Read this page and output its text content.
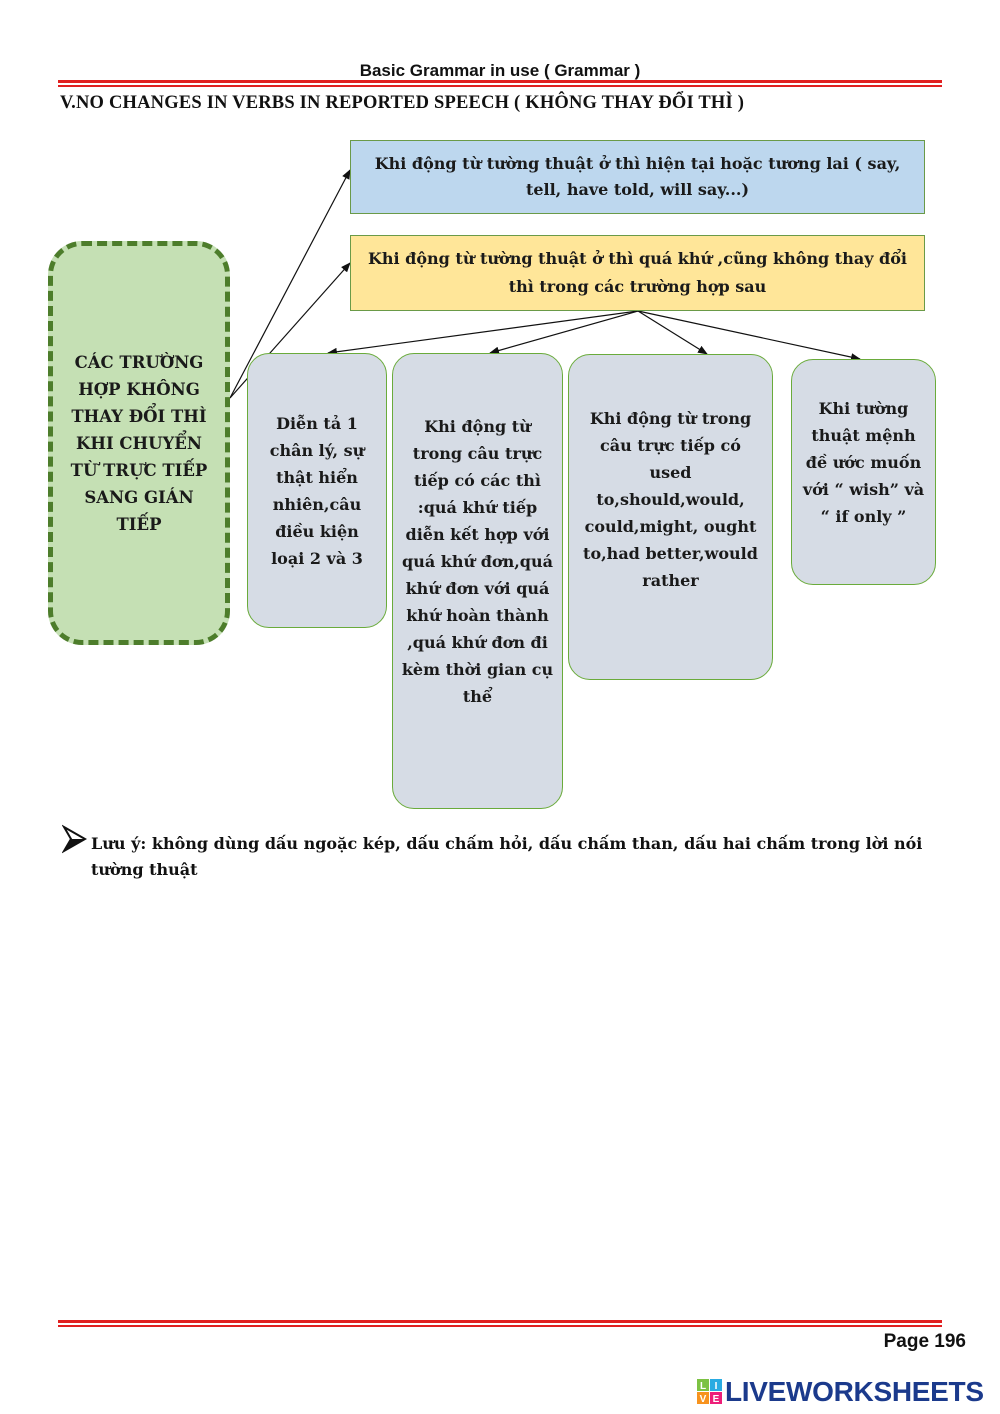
Basic Grammar in use ( Grammar )
V.NO CHANGES IN VERBS IN REPORTED SPEECH ( KHÔNG THAY ĐỔI THÌ )
CÁC TRƯỜNG HỢP KHÔNG THAY ĐỔI THÌ KHI CHUYỂN TỪ TRỰC TIẾP SANG GIÁN TIẾP
Khi động từ tường thuật ở thì hiện tại hoặc tương lai ( say, tell, have told, will say...)
Khi động từ tường thuật ở thì quá khứ ,cũng không thay đổi thì trong các trường hợp sau
Diễn tả 1 chân lý, sự thật hiển nhiên,câu điều kiện loại 2 và 3
Khi động từ trong câu trực tiếp có các thì :quá khứ tiếp diễn kết hợp với quá khứ đơn,quá khứ đơn với quá khứ hoàn thành ,quá khứ đơn đi kèm thời gian cụ thể
Khi động từ trong câu trực tiếp có used to,should,would, could,might, ought to,had better,would rather
Khi tường thuật mệnh đề ước muốn với “ wish” và “ if only ”
Lưu ý: không dùng dấu ngoặc kép, dấu chấm hỏi, dấu chấm than, dấu hai chấm trong lời nói tường thuật
Page 196
L I
V E LIVEWORKSHEETS
